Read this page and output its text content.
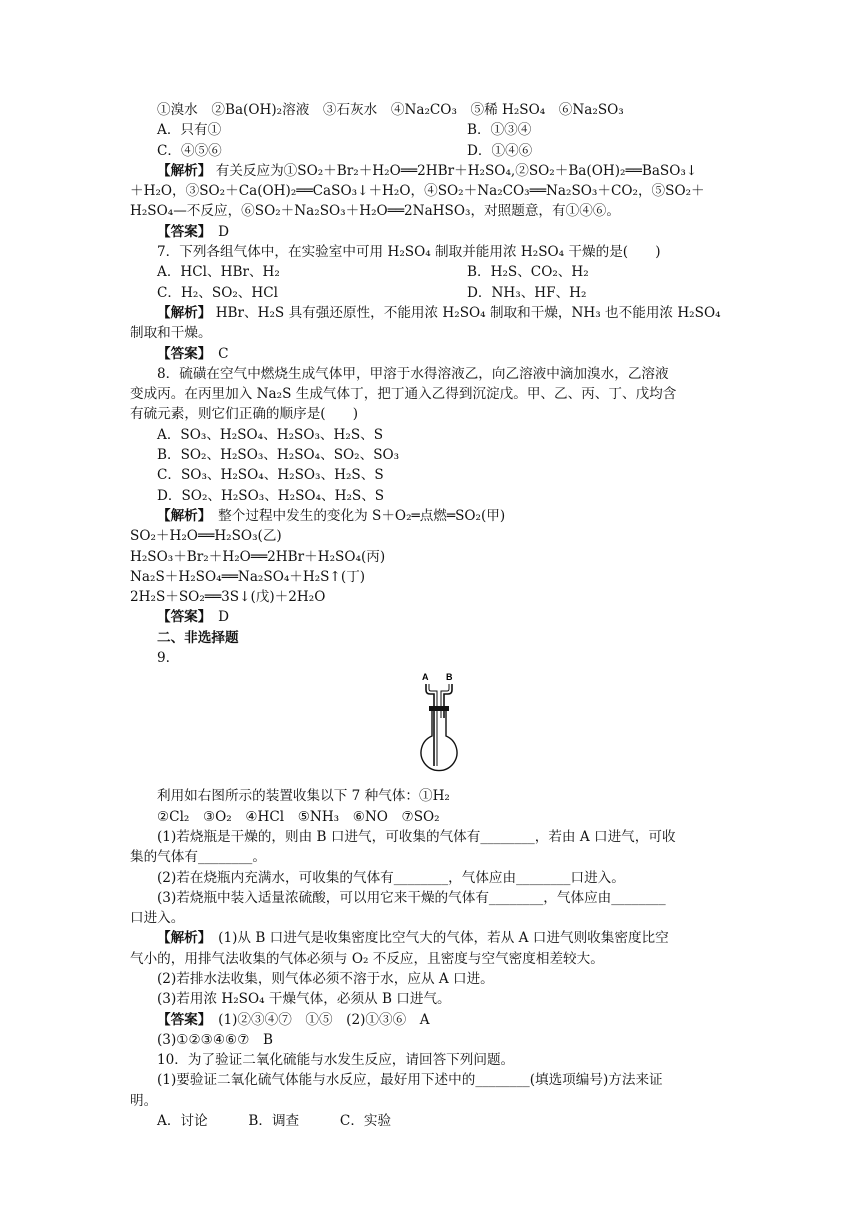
①溴水　②Ba(OH)₂溶液　③石灰水　④Na₂CO₃　⑤稀 H₂SO₄　⑥Na₂SO₃
A．只有①	B．①③④
C．④⑤⑥	D．①④⑥
【解析】 有关反应为①SO₂＋Br₂＋H₂O══2HBr＋H₂SO₄,②SO₂＋Ba(OH)₂══BaSO₃↓
＋H₂O，③SO₂＋Ca(OH)₂══CaSO₃↓＋H₂O，④SO₂＋Na₂CO₃══Na₂SO₃＋CO₂，⑤SO₂＋
H₂SO₄—不反应，⑥SO₂＋Na₂SO₃＋H₂O══2NaHSO₃，对照题意，有①④⑥。
【答案】　D
7．下列各组气体中，在实验室中可用 H₂SO₄ 制取并能用浓 H₂SO₄ 干燥的是(　　)
A．HCl、HBr、H₂	B．H₂S、CO₂、H₂
C．H₂、SO₂、HCl	D．NH₃、HF、H₂
【解析】 HBr、H₂S 具有强还原性，不能用浓 H₂SO₄ 制取和干燥，NH₃ 也不能用浓 H₂SO₄
制取和干燥。
【答案】　C
8．硫磺在空气中燃烧生成气体甲，甲溶于水得溶液乙，向乙溶液中滴加溴水，乙溶液
变成丙。在丙里加入 Na₂S 生成气体丁，把丁通入乙得到沉淀戊。甲、乙、丙、丁、戊均含
有硫元素，则它们正确的顺序是(　　)
A．SO₃、H₂SO₄、H₂SO₃、H₂S、S
B．SO₂、H₂SO₃、H₂SO₄、SO₂、SO₃
C．SO₃、H₂SO₄、H₂SO₃、H₂S、S
D．SO₂、H₂SO₃、H₂SO₄、H₂S、S
【解析】　整个过程中发生的变化为 S＋O₂═点燃═SO₂(甲)
SO₂＋H₂O══H₂SO₃(乙)
H₂SO₃＋Br₂＋H₂O══2HBr＋H₂SO₄(丙)
Na₂S＋H₂SO₄══Na₂SO₄＋H₂S↑(丁)
2H₂S＋SO₂══3S↓(戊)＋2H₂O
【答案】　D
二、非选择题
9.
A B
利用如右图所示的装置收集以下 7 种气体：①H₂
②Cl₂　③O₂　④HCl　⑤NH₃　⑥NO　⑦SO₂
(1)若烧瓶是干燥的，则由 B 口进气，可收集的气体有________，若由 A 口进气，可收
集的气体有________。
(2)若在烧瓶内充满水，可收集的气体有________，气体应由________口进入。
(3)若烧瓶中装入适量浓硫酸，可以用它来干燥的气体有________，气体应由________
口进入。
【解析】　(1)从 B 口进气是收集密度比空气大的气体，若从 A 口进气则收集密度比空
气小的，用排气法收集的气体必须与 O₂ 不反应，且密度与空气密度相差较大。
(2)若排水法收集，则气体必须不溶于水，应从 A 口进。
(3)若用浓 H₂SO₄ 干燥气体，必须从 B 口进气。
【答案】　(1)②③④⑦　①⑤　(2)①③⑥　A
(3)①②③④⑥⑦　B
10．为了验证二氧化硫能与水发生反应，请回答下列问题。
(1)要验证二氧化硫气体能与水反应，最好用下述中的________(填选项编号)方法来证
明。
A．讨论　　　B．调查　　　C．实验
